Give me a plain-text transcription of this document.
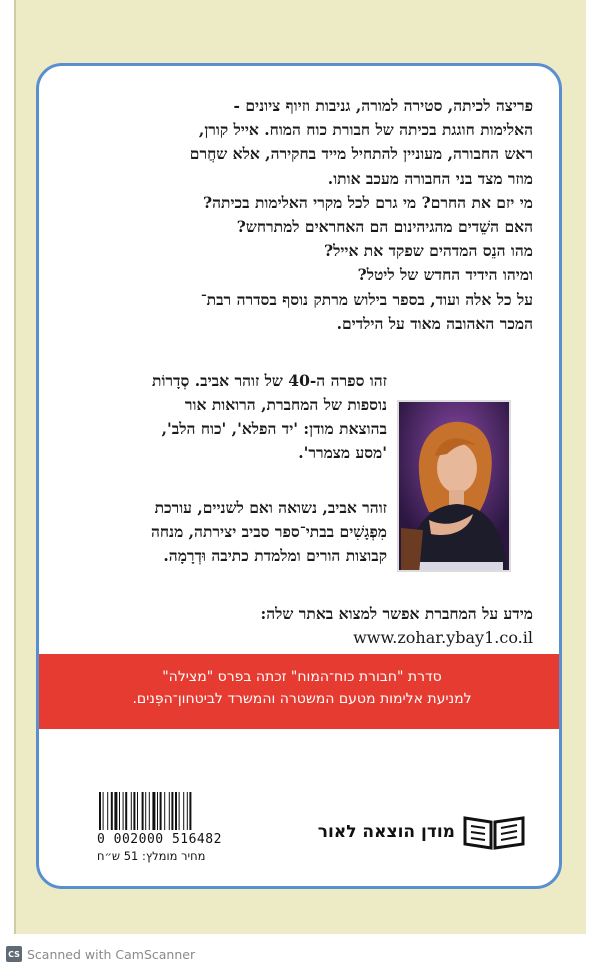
פריצה לכיתה, סטירה למורה, גניבות וזיוף ציונים -

האלימות חוגגת בכיתה של חבורת כוח המוח. אייל קורן,

ראש החבורה, מעוניין להתחיל מייד בחקירה, אלא שחֲרם

מוזר מצד בני החבורה מעכב אותו.

מי יזם את החרם? מי גרם לכל מקרי האלימות בכיתה?

האם השֵׁדים מהגיהינום הם האחראים למתרחש?

מהו הנֵס המדהים שפקד את אייל?

ומיהו הידיד החדש של ליטל?

על כל אלה ועוד, בספר בילוש מרתק נוסף בסדרה רבת־

המכר האהובה מאוד על הילדים.

זהו ספרה ה-40 של זוהר אביב. סְדָרוֹת

נוספות של המחברת, הרואות אור

בהוצאת מודן: 'יד הפלא', 'כוח הלב',

'מסע מצמרר'.

זוהר אביב, נשואה ואם לשניים, עורכת

מִפְגָשִׁים בבתי־ספר סביב יצירתה, מנחה

קבוצות הורים ומלמדת כתיבה וּדְרָמָה.

מידע על המחברת אפשר למצוא באתר שלה:
www.zohar.ybay1.co.il
סדרת "חבורת כוח־המוח" זכתה בפרס "מצילה"
למניעת אלימות מטעם המשטרה והמשרד לביטחון־הפְּנים.
0 002000 516482
מחיר מומלץ: 51 ש״ח
מודן הוצאה לאור
CS Scanned with CamScanner
